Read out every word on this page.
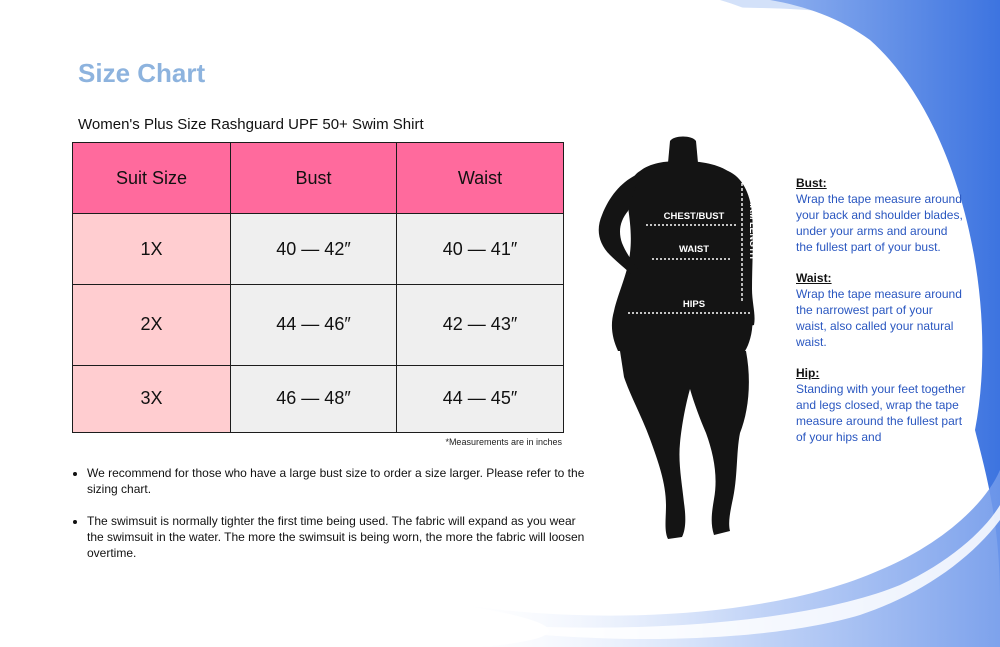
Size Chart

Women's Plus Size Rashguard UPF 50+ Swim Shirt

Suit Size	Bust	Waist
1X	40 — 42″	40 — 41″
2X	44 — 46″	42 — 43″
3X	46 — 48″	44 — 45″
*Measurements are in inches
• We recommend for those who have a large bust size to order a size larger. Please refer to the sizing chart.
• The swimsuit is normally tighter the first time being used. The fabric will expand as you wear the swimsuit in the water. The more the swimsuit is being worn, the more the fabric will loosen overtime.
CHEST/BUST
WAIST
HIPS
ARM LENGTH

Bust:

Wrap the tape measure around your back and shoulder blades, under your arms and around the fullest part of your bust.

Waist:

Wrap the tape measure around the narrowest part of your waist, also called your natural waist.

Hip:

Standing with your feet together and legs closed, wrap the tape measure around the fullest part of your hips and
